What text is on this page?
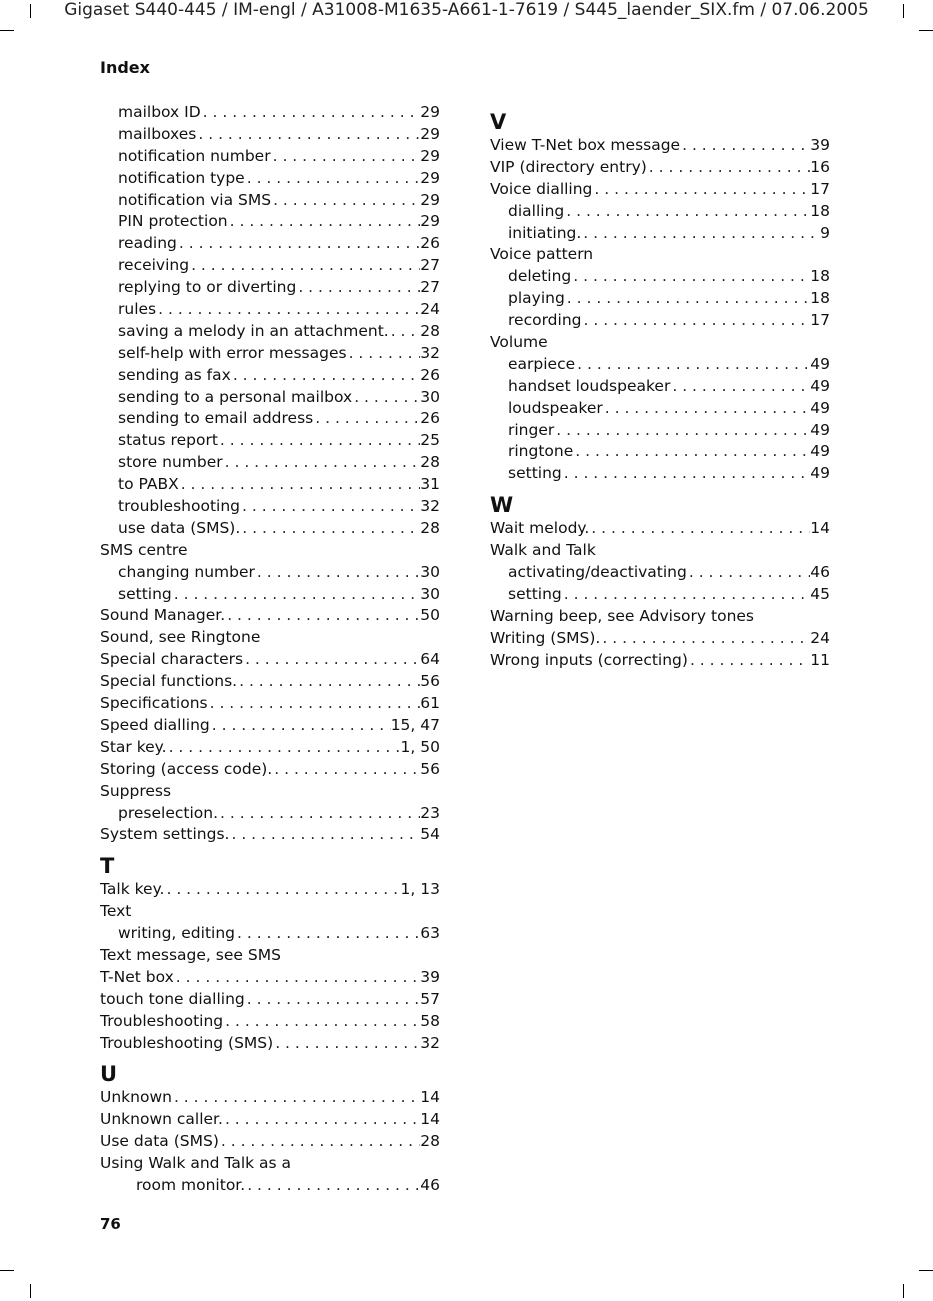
Gigaset S440-445 / IM-engl / A31008-M1635-A661-1-7619 / S445_laender_SIX.fm / 07.06.2005
Index
mailbox ID . . .	29
mailboxes . . .	29
notification number . . .	29
notification type . . .	29
notification via SMS . . .	29
PIN protection . . .	29
reading . . .	26
receiving . . .	27
replying to or diverting . . .	27
rules . . .	24
saving a melody in an attachment. . . . 28
self-help with error messages . . .	32
sending as fax . . .	26
sending to a personal mailbox . . .	30
sending to email address . . .	26
status report . . .	25
store number . . .	28
to PABX . . .	31
troubleshooting . . .	32
use data (SMS). . . .	28
SMS centre
changing number . . .	30
setting . . .	30
Sound Manager. . . .	50
Sound, see Ringtone
Special characters . . .	64
Special functions. . . .	56
Specifications . . .	61
Speed dialling . . .	15, 47
Star key. . . .	1, 50
Storing (access code). . . .	56
Suppress
preselection. . . .	23
System settings. . . .	54
T
Talk key. . . .	1, 13
Text
writing, editing . . .	63
Text message, see SMS
T-Net box . . .	39
touch tone dialling . . .	57
Troubleshooting . . .	58
Troubleshooting (SMS) . . .	32
U
Unknown . . .	14
Unknown caller. . . .	14
Use data (SMS) . . .	28
Using Walk and Talk as a
room monitor. . . .	46
V
View T-Net box message . . .	39
VIP (directory entry) . . .	16
Voice dialling . . .	17
dialling . . .	18
initiating. . . .	9
Voice pattern
deleting . . .	18
playing . . .	18
recording . . .	17
Volume
earpiece . . .	49
handset loudspeaker . . .	49
loudspeaker . . .	49
ringer . . .	49
ringtone . . .	49
setting . . .	49
W
Wait melody. . . .	14
Walk and Talk
activating/deactivating . . .	46
setting . . .	45
Warning beep, see Advisory tones
Writing (SMS). . . .	24
Wrong inputs (correcting) . . .	11
76
